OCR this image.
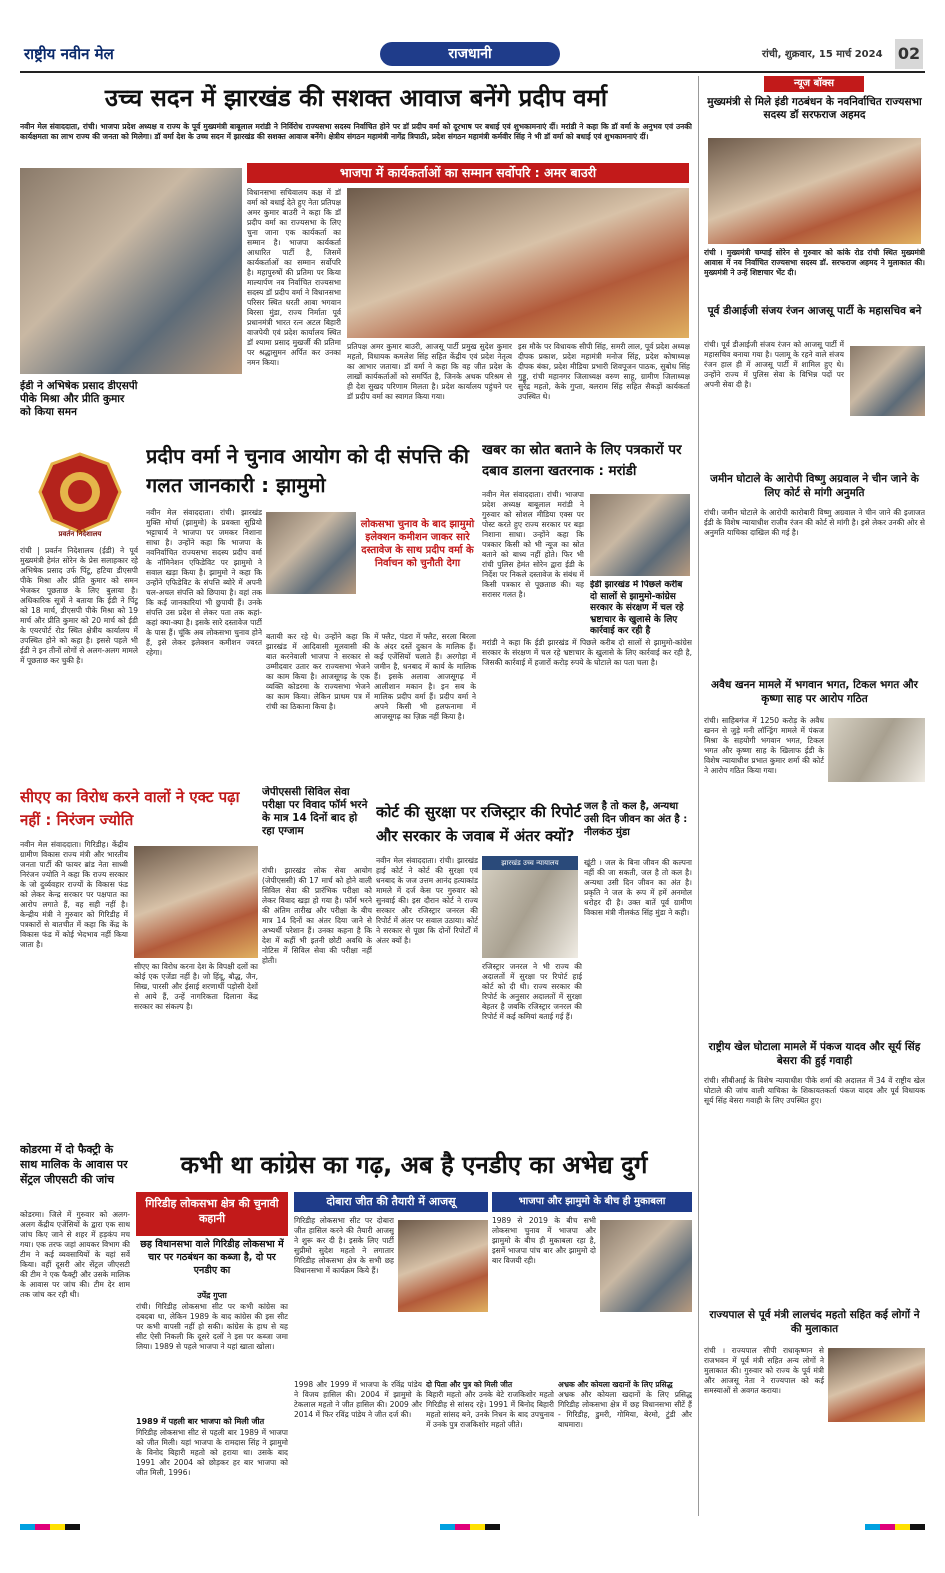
राष्ट्रीय नवीन मेल	राजधानी	रांची, शुक्रवार, 15 मार्च 2024 02
उच्च सदन में झारखंड की सशक्त आवाज बनेंगे प्रदीप वर्मा
नवीन मेल संवाददाता, रांची। भाजपा प्रदेश अध्यक्ष व राज्य के पूर्व मुख्यमंत्री बाबूलाल मरांडी ने निर्विरोध राज्यसभा सदस्य निर्वाचित होने पर डॉ प्रदीप वर्मा को दूरभाष पर बधाई एवं शुभकामनाएं दीं। मरांडी ने कहा कि डॉ वर्मा के अनुभव एवं उनकी कार्यक्षमता का लाभ राज्य की जनता को मिलेगा। डॉ वर्मा देश के उच्च सदन में झारखंड की सशक्त आवाज बनेंगे। क्षेत्रीय संगठन महामंत्री नागेंद्र त्रिपाठी, प्रदेश संगठन महामंत्री कर्मवीर सिंह ने भी डॉ वर्मा को बधाई एवं शुभकामनाएं दीं।
भाजपा में कार्यकर्ताओं का सम्मान सर्वोपरि : अमर बाउरी
विधानसभा सचिवालय कक्ष में डॉ वर्मा को बधाई देते हुए नेता प्रतिपक्ष अमर कुमार बाउरी ने कहा कि डॉ प्रदीप वर्मा का राज्यसभा के लिए चुना जाना एक कार्यकर्ता का सम्मान है। भाजपा कार्यकर्ता आधारित पार्टी है, जिसमें कार्यकर्ताओं का सम्मान सर्वोपरि है। महापुरुषों की प्रतिमा पर किया माल्यार्पण नव निर्वाचित राज्यसभा सदस्य डॉ प्रदीप वर्मा ने विधानसभा परिसर स्थित धरती आबा भगवान बिरसा मुंडा, राज्य निर्माता पूर्व प्रधानमंत्री भारत रत्न अटल बिहारी वाजपेयी एवं प्रदेश कार्यालय स्थित डॉ श्यामा प्रसाद मुखर्जी की प्रतिमा पर श्रद्धासुमन अर्पित कर उनका नमन किया।
प्रतिपक्ष अमर कुमार बाउरी, आजसू पार्टी प्रमुख सुदेश कुमार महतो, विधायक कमलेश सिंह सहित केंद्रीय एवं प्रदेश नेतृत्व का आभार जताया। डॉ वर्मा ने कहा कि वह जीत प्रदेश के लाखों कार्यकर्ताओं को समर्पित है, जिनके अथक परिश्रम से ही देश सुखद परिणाम मिलता है। प्रदेश कार्यालय पहुंचने पर डॉ प्रदीप वर्मा का स्वागत किया गया।
इस मौके पर विधायक सीपी सिंह, समरी लाल, पूर्व प्रदेश अध्यक्ष दीपक प्रकाश, प्रदेश महामंत्री मनोज सिंह, प्रदेश कोषाध्यक्ष दीपक बंका, प्रदेश मीडिया प्रभारी शिवपूजन पाठक, सुबोध सिंह गुड्डू, रांची महानगर जिलाध्यक्ष वरुण साहू, ग्रामीण जिलाध्यक्ष सुरेंद्र महतो, केके गुप्ता, बलराम सिंह सहित सैकड़ों कार्यकर्ता उपस्थित थे।
ईडी ने अभिषेक प्रसाद डीएसपी पीके मिश्रा और प्रीति कुमार को किया समन
प्रवर्तन निदेशालय
रांची | प्रवर्तन निदेशालय (ईडी) ने पूर्व मुख्यमंत्री हेमंत सोरेन के प्रेस सलाहकार रहे अभिषेक प्रसाद उर्फ पिंटू, हटिया डीएसपी पीके मिश्रा और प्रीति कुमार को समन भेजकर पूछताछ के लिए बुलाया है। अधिकारिक सूत्रों ने बताया कि ईडी ने पिंटू को 18 मार्च, डीएसपी पीके मिश्रा को 19 मार्च और प्रीति कुमार को 20 मार्च को ईडी के एयरपोर्ट रोड स्थित क्षेत्रीय कार्यालय में उपस्थित होने को कहा है। इससे पहले भी ईडी ने इन तीनों लोगों से अलग-अलग मामले में पूछताछ कर चुकी है।
प्रदीप वर्मा ने चुनाव आयोग को दी संपत्ति की गलत जानकारी : झामुमो
नवीन मेल संवाददाता। रांची। झारखंड मुक्ति मोर्चा (झामुमो) के प्रवक्ता सुप्रियो भट्टाचार्य ने भाजपा पर जमकर निशाना साधा है। उन्होंने कहा कि भाजपा के नवनिर्वाचित राज्यसभा सदस्य प्रदीप वर्मा के नॉमिनेशन एफिडेविट पर झामुमो ने सवाल खड़ा किया है। झामुमो ने कहा कि उन्होंने एफिडेविट के संपत्ति ब्योरे में अपनी चल-अचल संपत्ति को छिपाया है। वहां तक कि कई जानकारियां भी छुपायी हैं। उनके संपत्ति उस प्रदेश से लेकर पता तक कहां-कहां क्या-क्या है। इसके सारे दस्तावेज पार्टी के पास हैं। चूंकि अब लोकसभा चुनाव होने हैं, इसे लेकर इलेक्शन कमीशन ज्वरत रहेगा।
लोकसभा चुनाव के बाद झामुमो इलेक्शन कमीशन जाकर सारे दस्तावेज के साथ प्रदीप वर्मा के निर्वाचन को चुनौती देगा
बतायी कर रहे थे। उन्होंने कहा कि झारखंड में आदिवासी मूलवासी की बात करनेवाली भाजपा ने सरकार से उम्मीदवार उतार कर राज्यसभा भेजने का काम किया है। आजसूगढ़ के एक व्यक्ति कोडरमा के राज्यसभा भेजने का काम किया। लेकिन प्राथम पत्र में रांची का ठिकाना किया है।
में फ्लैट, पंडरा में फ्लैट, सरला बिरला के अंदर दस्तें दुकान के मालिक हैं। कई एजेंसियों चलाते हैं। अरगोड़ा में जमीन है, धनबाद में कार्य के मालिक हैं। इसके अलावा आजसूगढ़ में आलीशान मकान है। इन सब के मालिक प्रदीप वर्मा हैं। प्रदीप वर्मा ने अपने किसी भी हलफनामा में आजसूगढ़ का ज़िक्र नहीं किया है।
खबर का स्रोत बताने के लिए पत्रकारों पर दबाव डालना खतरनाक : मरांडी
नवीन मेल संवाददाता। रांची। भाजपा प्रदेश अध्यक्ष बाबूलाल मरांडी ने गुरुवार को सोशल मीडिया एक्स पर पोस्ट करते हुए राज्य सरकार पर बड़ा निशाना साधा। उन्होंने कहा कि पत्रकार किसी को भी न्यूज का स्रोत बताने को बाध्य नहीं होते। फिर भी रांची पुलिस हेमंत सोरेन द्वारा ईडी के निर्देश पर निकले दस्तावेज के संबंध में किसी पत्रकार से पूछताछ की। यह सरासर गलत है।
ईडी झारखंड में पिछले करीब दो सालों से झामुमो-कांग्रेस सरकार के संरक्षण में चल रहे भ्रष्टाचार के खुलासे के लिए कार्रवाई कर रही है
मरांडी ने कहा कि ईडी झारखंड में पिछले करीब दो सालों से झामुमो-कांग्रेस सरकार के संरक्षण में चल रहे भ्रष्टाचार के खुलासे के लिए कार्रवाई कर रही है, जिसकी कार्रवाई में हजारों करोड़ रुपये के घोटाले का पता चला है।
जल है तो कल है, अन्यथा उसी दिन जीवन का अंत है : नीलकंठ मुंडा
खूंटी । जल के बिना जीवन की कल्पना नहीं की जा सकती, जल है तो कल है। अन्यथा उसी दिन जीवन का अंत है। प्रकृति ने जल के रूप में हमें अनमोल धरोहर दी है। उक्त बातें पूर्व ग्रामीण विकास मंत्री नीलकंठ सिंह मुंडा ने कही।
सीएए का विरोध करने वालों ने एक्ट पढ़ा नहीं : निरंजन ज्योति
नवीन मेल संवाददाता। गिरिडीह। केंद्रीय ग्रामीण विकास राज्य मंत्री और भारतीय जनता पार्टी की फायर ब्रांड नेता साध्वी निरंजन ज्योति ने कहा कि राज्य सरकार के जो दुर्व्यवहार राज्यों के विकास फंड को लेकर केन्द्र सरकार पर पक्षपात का आरोप लगाते हैं, वह सही नहीं है। केन्द्रीय मंत्री ने गुरुवार को गिरिडीह में पत्रकारों से बातचीत में कहा कि केंद्र के विकास फंड में कोई भेदभाव नहीं किया जाता है।
सीएए का विरोध करना देश के विपक्षी दलों का कोई एक एजेंडा नहीं है। जो हिंदू, बौद्ध, जैन, सिख, पारसी और ईसाई शरणार्थी पड़ोसी देशों से आये हैं, उन्हें नागरिकता दिलाना केंद्र सरकार का संकल्प है।
जेपीएससी सिविल सेवा परीक्षा पर विवाद फॉर्म भरने के मात्र 14 दिनों बाद हो रहा एग्जाम
रांची। झारखंड लोक सेवा आयोग (जेपीएससी) की 17 मार्च को होने वाली सिविल सेवा की प्रारंभिक परीक्षा को लेकर विवाद खड़ा हो गया है। फॉर्म भरने की अंतिम तारीख और परीक्षा के बीच मात्र 14 दिनों का अंतर दिया जाने से अभ्यर्थी परेशान हैं। उनका कहना है कि देश में कहीं भी इतनी छोटी अवधि के नोटिस में सिविल सेवा की परीक्षा नहीं होती।
कोर्ट की सुरक्षा पर रजिस्ट्रार की रिपोर्ट और सरकार के जवाब में अंतर क्यों?
नवीन मेल संवाददाता। रांची। झारखंड हाई कोर्ट ने कोर्ट की सुरक्षा एवं धनबाद के जज उत्तम आनंद हत्याकांड मामले में दर्ज केस पर गुरुवार को सुनवाई की। इस दौरान कोर्ट ने राज्य सरकार और रजिस्ट्रार जनरल की रिपोर्ट में अंतर पर सवाल उठाया। कोर्ट ने सरकार से पूछा कि दोनों रिपोर्टों में अंतर क्यों है।
झारखंड उच्च न्यायालय
रजिस्ट्रार जनरल ने भी राज्य की अदालतों में सुरक्षा पर रिपोर्ट हाई कोर्ट को दी थी। राज्य सरकार की रिपोर्ट के अनुसार अदालतों में सुरक्षा बेहतर है जबकि रजिस्ट्रार जनरल की रिपोर्ट में कई कमियां बताई गई हैं।
कोडरमा में दो फैक्ट्री के साथ मालिक के आवास पर सेंट्रल जीएसटी की जांच
कोडरमा। जिले में गुरुवार को अलग-अलग केंद्रीय एजेंसियों के द्वारा एक साथ जांच किए जाने से शहर में हड़कंप मच गया। एक तरफ जहां आयकर विभाग की टीम ने कई व्यवसायियों के यहां सर्वे किया। वहीं दूसरी ओर सेंट्रल जीएसटी की टीम ने एक फैक्ट्री और उसके मालिक के आवास पर जांच की। टीम देर शाम तक जांच कर रही थी।
कभी था कांग्रेस का गढ़, अब है एनडीए का अभेद्य दुर्ग
गिरिडीह लोकसभा क्षेत्र की चुनावी कहानी
छह विधानसभा वाले गिरिडीह लोकसभा में चार पर गठबंधन का कब्जा है, दो पर एनडीए का
उपेंद्र गुप्ता
रांची। गिरिडीह लोकसभा सीट पर कभी कांग्रेस का दबदबा था, लेकिन 1989 के बाद कांग्रेस की इस सीट पर कभी वापसी नहीं हो सकी। कांग्रेस के हाथ से यह सीट ऐसी निकली कि दूसरे दलों ने इस पर कब्जा जमा लिया। 1989 से पहले भाजपा ने यहां खाता खोला।
1989 में पहली बार भाजपा को मिली जीत
गिरिडीह लोकसभा सीट से पहली बार 1989 में भाजपा को जीत मिली। यहां भाजपा के रामदास सिंह ने झामुमो के विनोद बिहारी महतो को हराया था। उसके बाद 1991 और 2004 को छोड़कर हर बार भाजपा को जीत मिली, 1996।
दोबारा जीत की तैयारी में आजसू
गिरिडीह लोकसभा सीट पर दोबारा जीत हासिल करने की तैयारी आजसू ने शुरू कर दी है। इसके लिए पार्टी सुप्रीमो सुदेश महतो ने लगातार गिरिडीह लोकसभा क्षेत्र के सभी छह विधानसभा में कार्यक्रम किये हैं।
भाजपा और झामुमो के बीच ही मुकाबला
1989 से 2019 के बीच सभी लोकसभा चुनाव में भाजपा और झामुमो के बीच ही मुकाबला रहा है, इसमें भाजपा पांच बार और झामुमो दो बार विजयी रही।
1998 और 1999 में भाजपा के रविंद्र पांडेय ने विजय हासिल की। 2004 में झामुमो के टेकलाल महतो ने जीत हासिल की। 2009 और 2014 में फिर रविंद्र पांडेय ने जीत दर्ज की।
दो पिता और पुत्र को मिली जीत
बिहारी महतो और उनके बेटे राजकिशोर महतो गिरिडीह से सांसद रहे। 1991 में बिनोद बिहारी महतो सांसद बने, उनके निधन के बाद उपचुनाव में उनके पुत्र राजकिशोर महतो जीते।
अभ्रक और कोयला खदानों के लिए प्रसिद्ध
अभ्रक और कोयला खदानों के लिए प्रसिद्ध गिरिडीह लोकसभा क्षेत्र में छह विधानसभा सीटें हैं - गिरिडीह, डुमरी, गोमिया, बेरमो, टुंडी और बाघमारा।
न्यूज बॉक्स
मुख्यमंत्री से मिले इंडी गठबंधन के नवनिर्वाचित राज्यसभा सदस्य डॉ सरफराज अहमद
रांची । मुख्यमंत्री चम्पाई सोरेन से गुरुवार को कांके रोड रांची स्थित मुख्यमंत्री आवास में नव निर्वाचित राज्यसभा सदस्य डॉ. सरफराज अहमद ने मुलाकात की। मुख्यमंत्री ने उन्हें शिष्टाचार भेंट दी।
पूर्व डीआईजी संजय रंजन आजसू पार्टी के महासचिव बने
रांची। पूर्व डीआईजी संजय रंजन को आजसू पार्टी में महासचिव बनाया गया है। पलामू के रहने वाले संजय रंजन हाल ही में आजसू पार्टी में शामिल हुए थे। उन्होंने राज्य में पुलिस सेवा के विभिन्न पदों पर अपनी सेवा दी है।
जमीन घोटाले के आरोपी विष्णु अग्रवाल ने चीन जाने के लिए कोर्ट से मांगी अनुमति
रांची। जमीन घोटाले के आरोपी कारोबारी विष्णु अग्रवाल ने चीन जाने की इजाजत ईडी के विशेष न्यायाधीश राजीव रंजन की कोर्ट से मांगी है। इसे लेकर उनकी ओर से अनुमति याचिका दाखिल की गई है।
अवैध खनन मामले में भगवान भगत, टिकल भगत और कृष्णा साह पर आरोप गठित
रांची। साहिबगंज में 1250 करोड़ के अवैध खनन से जुड़े मनी लॉन्ड्रिंग मामले में पंकज मिश्रा के सहयोगी भगवान भगत, टिकल भगत और कृष्णा साह के खिलाफ ईडी के विशेष न्यायाधीश प्रभात कुमार शर्मा की कोर्ट ने आरोप गठित किया गया।
राष्ट्रीय खेल घोटाला मामले में पंकज यादव और सूर्य सिंह बेसरा की हुई गवाही
रांची। सीबीआई के विशेष न्यायाधीश पीके शर्मा की अदालत में 34 वें राष्ट्रीय खेल घोटाले की जांच वाली याचिका के शिकायतकर्ता पंकज यादव और पूर्व विधायक सूर्य सिंह बेसरा गवाही के लिए उपस्थित हुए।
राज्यपाल से पूर्व मंत्री लालचंद महतो सहित कई लोगों ने की मुलाकात
रांची । राज्यपाल सीपी राधाकृष्णन से राजभवन में पूर्व मंत्री सहित अन्य लोगों ने मुलाकात की। गुरुवार को राज्य के पूर्व मंत्री और आजसू नेता ने राज्यपाल को कई समस्याओं से अवगत कराया।
